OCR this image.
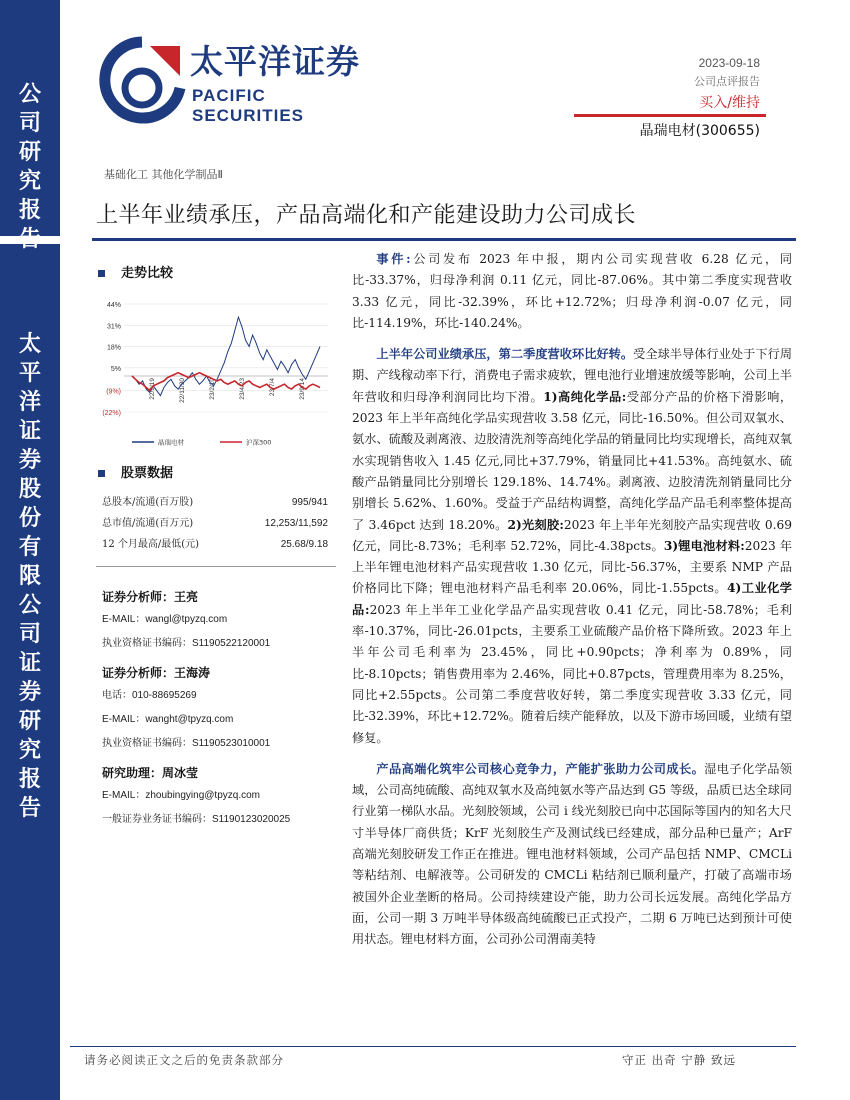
公司研究报告
太平洋证券股份有限公司证券研究报告
太平洋证券
PACIFIC SECURITIES
2023-09-18
公司点评报告
买入/维持
晶瑞电材(300655)
基础化工 其他化学制品Ⅱ
上半年业绩承压，产品高端化和产能建设助力公司成长
走势比较
44%
31%
18%
5%
(9%)
(22%)
22/9/19	22/11/30	23/2/10	23/4/23	23/7/4	23/9/14
晶瑞电材	沪深300
股票数据
总股本/流通(百万股)	995/941
总市值/流通(百万元)	12,253/11,592
12 个月最高/最低(元)	25.68/9.18
证券分析师：王亮
E-MAIL：wangl@tpyzq.com
执业资格证书编码：S1190522120001
证券分析师：王海涛
电话：010-88695269
E-MAIL：wanght@tpyzq.com
执业资格证书编码：S1190523010001
研究助理：周冰莹
E-MAIL：zhoubingying@tpyzq.com
一般证券业务证书编码：S1190123020025

事件:公司发布 2023 年中报，期内公司实现营收 6.28 亿元，同比-33.37%，归母净利润 0.11 亿元，同比-87.06%。其中第二季度实现营收 3.33 亿元，同比-32.39%，环比+12.72%；归母净利润-0.07 亿元，同比-114.19%，环比-140.24%。

上半年公司业绩承压，第二季度营收环比好转。受全球半导体行业处于下行周期、产线稼动率下行，消费电子需求疲软，锂电池行业增速放缓等影响，公司上半年营收和归母净利润同比均下滑。1)高纯化学品:受部分产品的价格下滑影响，2023 年上半年高纯化学品实现营收 3.58 亿元，同比-16.50%。但公司双氧水、氨水、硫酸及剥离液、边胶清洗剂等高纯化学品的销量同比均实现增长，高纯双氧水实现销售收入 1.45 亿元,同比+37.79%，销量同比+41.53%。高纯氨水、硫酸产品销量同比分别增长 129.18%、14.74%。剥离液、边胶清洗剂销量同比分别增长 5.62%、1.60%。受益于产品结构调整，高纯化学品产品毛利率整体提高了 3.46pct 达到 18.20%。2)光刻胶:2023 年上半年光刻胶产品实现营收 0.69 亿元，同比-8.73%；毛利率 52.72%，同比-4.38pcts。3)锂电池材料:2023 年上半年锂电池材料产品实现营收 1.30 亿元，同比-56.37%，主要系 NMP 产品价格同比下降；锂电池材料产品毛利率 20.06%，同比-1.55pcts。4)工业化学品:2023 年上半年工业化学品产品实现营收 0.41 亿元，同比-58.78%；毛利率-10.37%，同比-26.01pcts，主要系工业硫酸产品价格下降所致。2023 年上半年公司毛利率为 23.45%，同比+0.90pcts；净利率为 0.89%，同比-8.10pcts；销售费用率为 2.46%，同比+0.87pcts，管理费用率为 8.25%，同比+2.55pcts。公司第二季度营收好转，第二季度实现营收 3.33 亿元，同比-32.39%，环比+12.72%。随着后续产能释放，以及下游市场回暖，业绩有望修复。

产品高端化筑牢公司核心竞争力，产能扩张助力公司成长。湿电子化学品领域，公司高纯硫酸、高纯双氧水及高纯氨水等产品达到 G5 等级，品质已达全球同行业第一梯队水品。光刻胶领域，公司 i 线光刻胶已向中芯国际等国内的知名大尺寸半导体厂商供货；KrF 光刻胶生产及测试线已经建成，部分品种已量产；ArF 高端光刻胶研发工作正在推进。锂电池材料领域，公司产品包括 NMP、CMCLi 等粘结剂、电解液等。公司研发的 CMCLi 粘结剂已顺利量产，打破了高端市场被国外企业垄断的格局。公司持续建设产能，助力公司长远发展。高纯化学品方面，公司一期 3 万吨半导体级高纯硫酸已正式投产，二期 6 万吨已达到预计可使用状态。锂电材料方面，公司孙公司渭南美特

请务必阅读正文之后的免责条款部分	守正 出奇 宁静 致远
